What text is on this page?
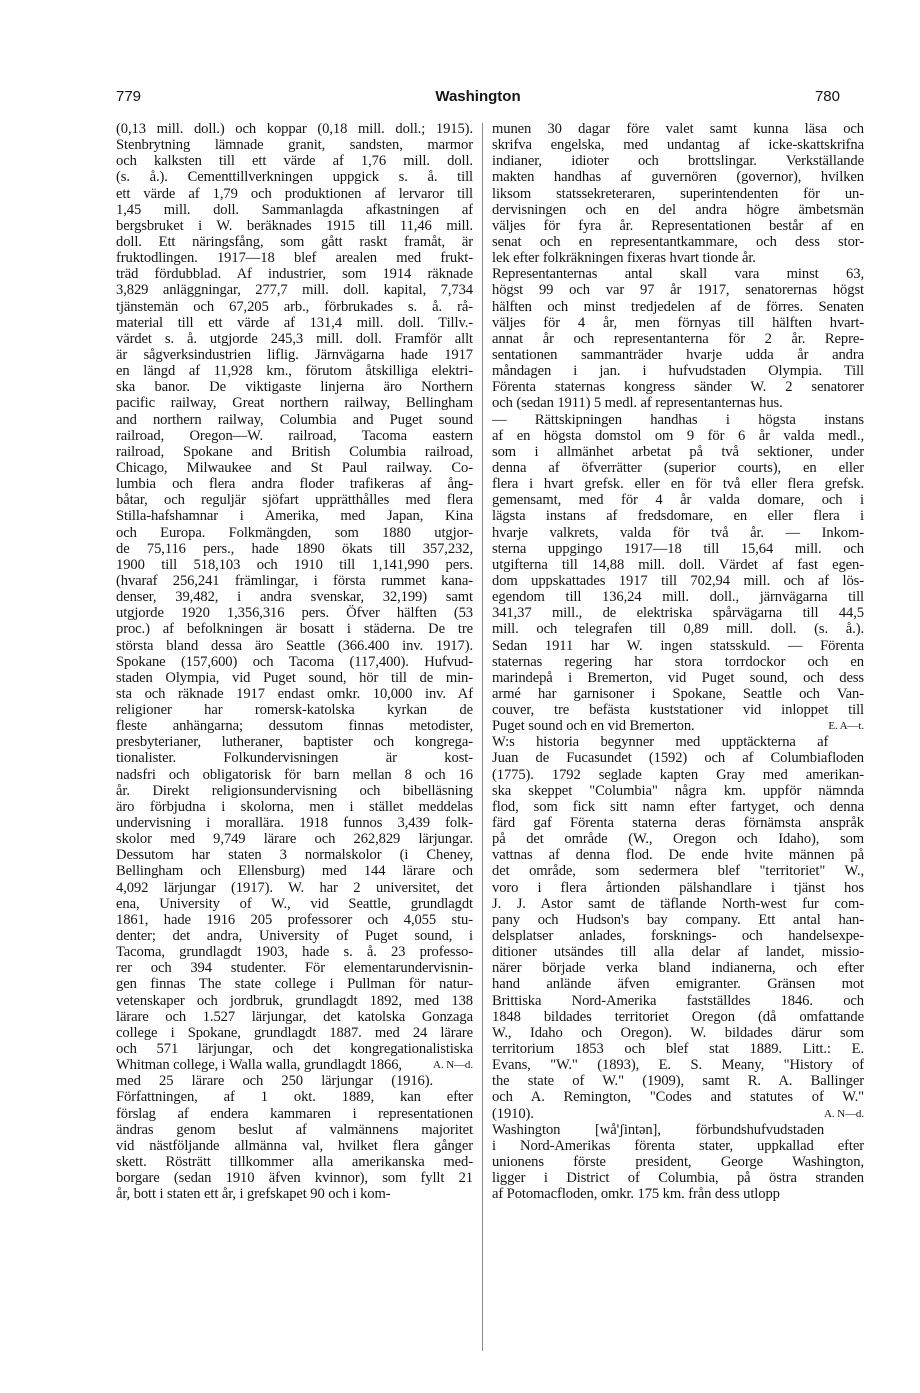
779	Washington	780
(0,13 mill. doll.) och koppar (0,18 mill. doll.; 1915).
Stenbrytning lämnade granit, sandsten, marmor
och kalksten till ett värde af 1,76 mill. doll.
(s. å.). Cementtillverkningen uppgick s. å. till
ett värde af 1,79 och produktionen af lervaror till
1,45 mill. doll. Sammanlagda afkastningen af
bergsbruket i W. beräknades 1915 till 11,46 mill.
doll. Ett näringsfång, som gått raskt framåt, är
fruktodlingen. 1917—18 blef arealen med frukt-
träd fördubblad. Af industrier, som 1914 räknade
3,829 anläggningar, 277,7 mill. doll. kapital, 7,734
tjänstemän och 67,205 arb., förbrukades s. å. rå-
material till ett värde af 131,4 mill. doll. Tillv.-
värdet s. å. utgjorde 245,3 mill. doll. Framför allt
är sågverksindustrien liflig. Järnvägarna hade 1917
en längd af 11,928 km., förutom åtskilliga elektri-
ska banor. De viktigaste linjerna äro Northern
pacific railway, Great northern railway, Bellingham
and northern railway, Columbia and Puget sound
railroad, Oregon—W. railroad, Tacoma eastern
railroad, Spokane and British Columbia railroad,
Chicago, Milwaukee and St Paul railway. Co-
lumbia och flera andra floder trafikeras af ång-
båtar, och reguljär sjöfart upprätthålles med flera
Stilla-hafshamnar i Amerika, med Japan, Kina
och Europa. Folkmängden, som 1880 utgjor-
de 75,116 pers., hade 1890 ökats till 357,232,
1900 till 518,103 och 1910 till 1,141,990 pers.
(hvaraf 256,241 främlingar, i första rummet kana-
denser, 39,482, i andra svenskar, 32,199) samt
utgjorde 1920 1,356,316 pers. Öfver hälften (53
proc.) af befolkningen är bosatt i städerna. De tre
största bland dessa äro Seattle (366.400 inv. 1917).
Spokane (157,600) och Tacoma (117,400). Hufvud-
staden Olympia, vid Puget sound, hör till de min-
sta och räknade 1917 endast omkr. 10,000 inv. Af
religioner har romersk-katolska kyrkan de
fleste anhängarna; dessutom finnas metodister,
presbyterianer, lutheraner, baptister och kongrega-
tionalister. Folkundervisningen är kost-
nadsfri och obligatorisk för barn mellan 8 och 16
år. Direkt religionsundervisning och bibelläsning
äro förbjudna i skolorna, men i stället meddelas
undervisning i morallära. 1918 funnos 3,439 folk-
skolor med 9,749 lärare och 262,829 lärjungar.
Dessutom har staten 3 normalskolor (i Cheney,
Bellingham och Ellensburg) med 144 lärare och
4,092 lärjungar (1917). W. har 2 universitet, det
ena, University of W., vid Seattle, grundlagdt
1861, hade 1916 205 professorer och 4,055 stu-
denter; det andra, University of Puget sound, i
Tacoma, grundlagdt 1903, hade s. å. 23 professo-
rer och 394 studenter. För elementarundervisnin-
gen finnas The state college i Pullman för natur-
vetenskaper och jordbruk, grundlagdt 1892, med 138
lärare och 1.527 lärjungar, det katolska Gonzaga
college i Spokane, grundlagdt 1887. med 24 lärare
och 571 lärjungar, och det kongregationalistiska
Whitman college, i Walla walla, grundlagdt 1866,	A. N—d.
med 25 lärare och 250 lärjungar (1916).
Författningen, af 1 okt. 1889, kan efter
förslag af endera kammaren i representationen
ändras genom beslut af valmännens majoritet
vid nästföljande allmänna val, hvilket flera gånger
skett. Rösträtt tillkommer alla amerikanska med-
borgare (sedan 1910 äfven kvinnor), som fyllt 21
år, bott i staten ett år, i grefskapet 90 och i kom-
munen 30 dagar före valet samt kunna läsa och
skrifva engelska, med undantag af icke-skattskrifna
indianer, idioter och brottslingar. Verkställande
makten handhas af guvernören (governor), hvilken
liksom statssekreteraren, superintendenten för un-
dervisningen och en del andra högre ämbetsmän
väljes för fyra år. Representationen består af en
senat och en representantkammare, och dess stor-
lek efter folkräkningen fixeras hvart tionde år.
Representanternas antal skall vara minst 63,
högst 99 och var 97 år 1917, senatorernas högst
hälften och minst tredjedelen af de förres. Senaten
väljes för 4 år, men förnyas till hälften hvart-
annat år och representanterna för 2 år. Repre-
sentationen sammanträder hvarje udda år andra
måndagen i jan. i hufvudstaden Olympia. Till
Förenta staternas kongress sänder W. 2 senatorer
och (sedan 1911) 5 medl. af representanternas hus.
— Rättskipningen handhas i högsta instans
af en högsta domstol om 9 för 6 år valda medl.,
som i allmänhet arbetat på två sektioner, under
denna af öfverrätter (superior courts), en eller
flera i hvart grefsk. eller en för två eller flera grefsk.
gemensamt, med för 4 år valda domare, och i
lägsta instans af fredsdomare, en eller flera i
hvarje valkrets, valda för två år. — Inkom-
sterna uppgingo 1917—18 till 15,64 mill. och
utgifterna till 14,88 mill. doll. Värdet af fast egen-
dom uppskattades 1917 till 702,94 mill. och af lös-
egendom till 136,24 mill. doll., järnvägarna till
341,37 mill., de elektriska spårvägarna till 44,5
mill. och telegrafen till 0,89 mill. doll. (s. å.).
Sedan 1911 har W. ingen statsskuld. — Förenta
staternas regering har stora torrdockor och en
marindepå i Bremerton, vid Puget sound, och dess
armé har garnisoner i Spokane, Seattle och Van-
couver, tre befästa kuststationer vid inloppet till
Puget sound och en vid Bremerton.	E. A—t.
W:s historia begynner med upptäckterna af
Juan de Fucasundet (1592) och af Columbiafloden
(1775). 1792 seglade kapten Gray med amerikan-
ska skeppet "Columbia" några km. uppför nämnda
flod, som fick sitt namn efter fartyget, och denna
färd gaf Förenta staterna deras förnämsta anspråk
på det område (W., Oregon och Idaho), som
vattnas af denna flod. De ende hvite männen på
det område, som sedermera blef "territoriet" W.,
voro i flera årtionden pälshandlare i tjänst hos
J. J. Astor samt de täflande North-west fur com-
pany och Hudson's bay company. Ett antal han-
delsplatser anlades, forsknings- och handelsexpe-
ditioner utsändes till alla delar af landet, missio-
närer började verka bland indianerna, och efter
hand anlände äfven emigranter. Gränsen mot
Brittiska Nord-Amerika fastställdes 1846. och
1848 bildades territoriet Oregon (då omfattande
W., Idaho och Oregon). W. bildades därur som
territorium 1853 och blef stat 1889. Litt.: E.
Evans, "W." (1893), E. S. Meany, "History of
the state of W." (1909), samt R. A. Ballinger
och A. Remington, "Codes and statutes of W."
(1910).	A. N—d.
Washington [wå'ʃintən], förbundshufvudstaden
i Nord-Amerikas förenta stater, uppkallad efter
unionens förste president, George Washington,
ligger i District of Columbia, på östra stranden
af Potomacfloden, omkr. 175 km. från dess utlopp
